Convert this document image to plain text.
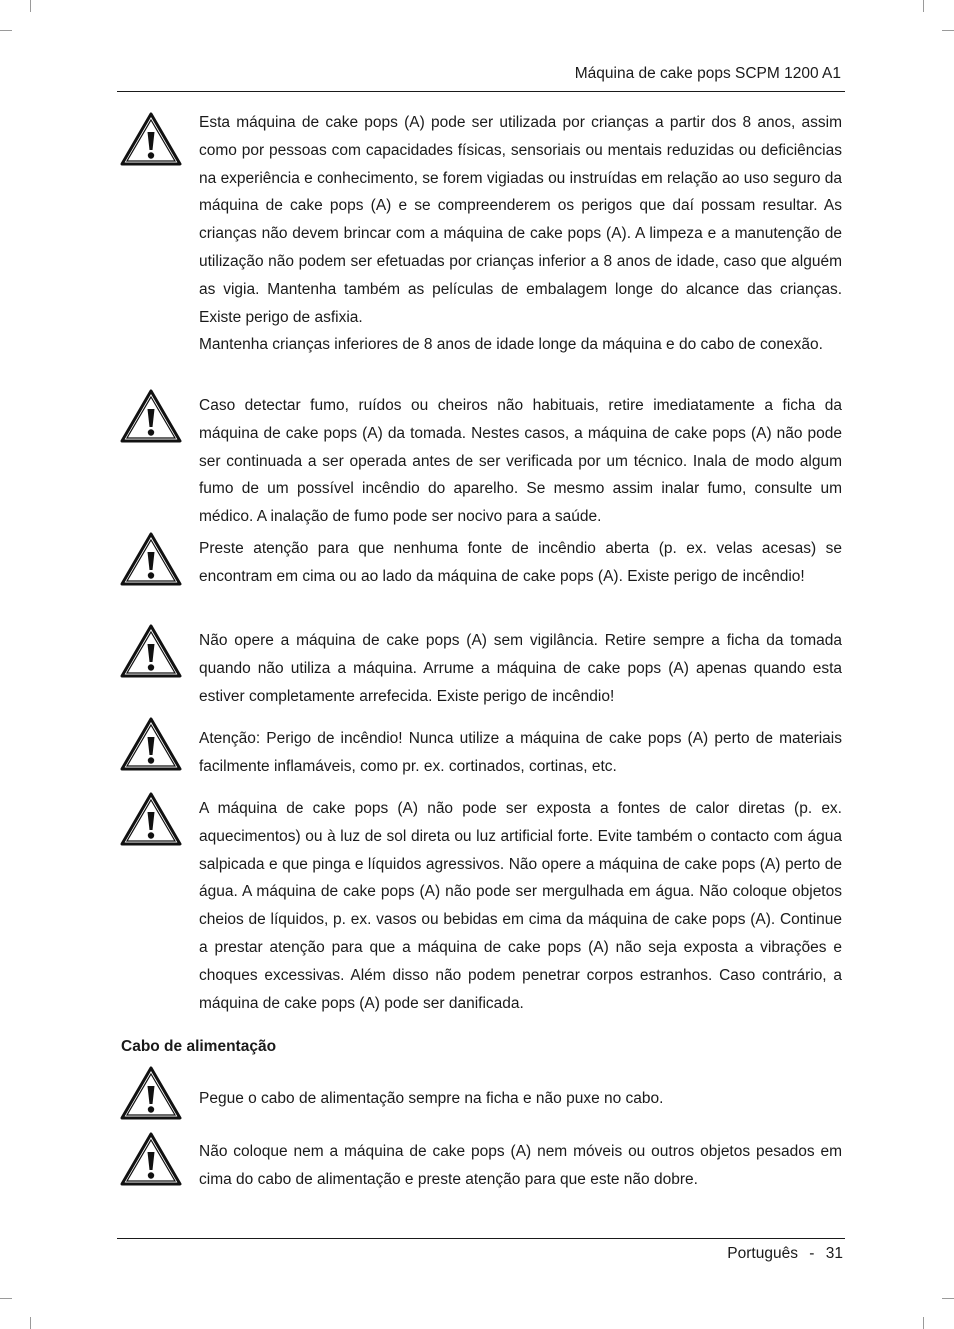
Máquina de cake pops SCPM 1200 A1

Esta máquina de cake pops (A) pode ser utilizada por crianças a partir dos 8 anos, assim como por pessoas com capacidades físicas, sensoriais ou mentais reduzidas ou deficiências na experiência e conhecimento, se forem vigiadas ou instruídas em relação ao uso seguro da máquina de cake pops (A) e se compreenderem os perigos que daí possam resultar. As crianças não devem brincar com a máquina de cake pops (A). A limpeza e a manutenção de utilização não podem ser efetuadas por crianças inferior a 8 anos de idade, caso que alguém as vigia. Mantenha também as películas de embalagem longe do alcance das crianças. Existe perigo de asfixia.

Mantenha crianças inferiores de 8 anos de idade longe da máquina e do cabo de conexão.

Caso detectar fumo, ruídos ou cheiros não habituais, retire imediatamente a ficha da máquina de cake pops (A) da tomada. Nestes casos, a máquina de cake pops (A) não pode ser continuada a ser operada antes de ser verificada por um técnico. Inala de modo algum fumo de um possível incêndio do aparelho. Se mesmo assim inalar fumo, consulte um médico. A inalação de fumo pode ser nocivo para a saúde.

Preste atenção para que nenhuma fonte de incêndio aberta (p. ex. velas acesas) se encontram em cima ou ao lado da máquina de cake pops (A). Existe perigo de incêndio!

Não opere a máquina de cake pops (A) sem vigilância. Retire sempre a ficha da tomada quando não utiliza a máquina. Arrume a máquina de cake pops (A) apenas quando esta estiver completamente arrefecida. Existe perigo de incêndio!

Atenção: Perigo de incêndio! Nunca utilize a máquina de cake pops (A) perto de materiais facilmente inflamáveis, como pr. ex. cortinados, cortinas, etc.

A máquina de cake pops (A) não pode ser exposta a fontes de calor diretas (p. ex. aquecimentos) ou à luz de sol direta ou luz artificial forte. Evite também o contacto com água salpicada e que pinga e líquidos agressivos. Não opere a máquina de cake pops (A) perto de água. A máquina de cake pops (A) não pode ser mergulhada em água. Não coloque objetos cheios de líquidos, p. ex. vasos ou bebidas em cima da máquina de cake pops (A). Continue a prestar atenção para que a máquina de cake pops (A) não seja exposta a vibrações e choques excessivas. Além disso não podem penetrar corpos estranhos. Caso contrário, a máquina de cake pops (A) pode ser danificada.

Cabo de alimentação

Pegue o cabo de alimentação sempre na ficha e não puxe no cabo.

Não coloque nem a máquina de cake pops (A) nem móveis ou outros objetos pesados em cima do cabo de alimentação e preste atenção para que este não dobre.

Português - 31
